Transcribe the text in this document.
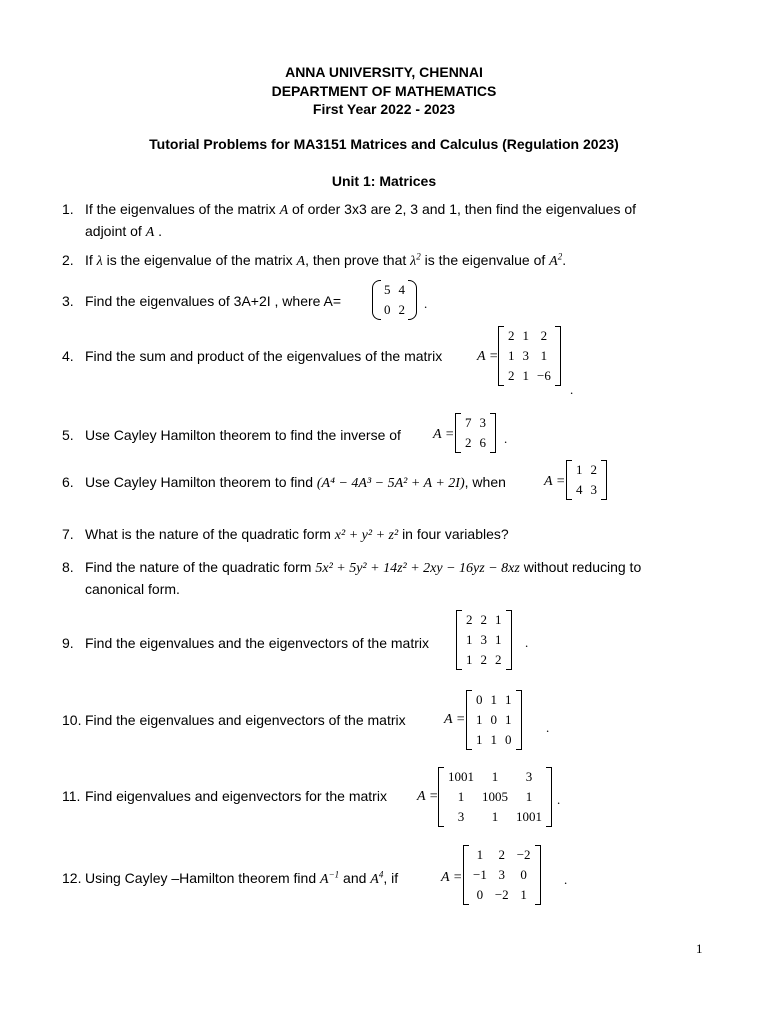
ANNA UNIVERSITY, CHENNAI
DEPARTMENT OF MATHEMATICS
First Year 2022 - 2023
Tutorial Problems for MA3151 Matrices and Calculus (Regulation 2023)
Unit 1: Matrices
1. If the eigenvalues of the matrix A of order 3x3 are 2, 3 and 1, then find the eigenvalues of
adjoint of A .
2. If λ is the eigenvalue of the matrix A, then prove that $\lambda^2$ is the eigenvalue of $A^2$.
3. Find the eigenvalues of 3A+2I , where A=
5	4
0	2 .
4. Find the sum and product of the eigenvalues of the matrix	A =
2	1	2
1	3	1
2	1	−6
.
5. Use Cayley Hamilton theorem to find the inverse of	A =
7	3
2	6 .
6. Use Cayley Hamilton theorem to find (A⁴ − 4A³ − 5A² + A + 2I), when	A =
1	2
4	3
7. What is the nature of the quadratic form x² + y² + z² in four variables?
8. Find the nature of the quadratic form 5x² + 5y² + 14z² + 2xy − 16yz − 8xz without reducing to
canonical form.
9. Find the eigenvalues and the eigenvectors of the matrix
2	2	1
1	3	1
1	2	2
.
10. Find the eigenvalues and eigenvectors of the matrix	A =
0	1	1
1	0	1
1	1	0
.
11. Find eigenvalues and eigenvectors for the matrix	A =
1001	1	3
1	1005	1
3	1	1001
.
12. Using Cayley –Hamilton theorem find $A^{-1}$ and $A^4$, if	A =
1	2	−2
−1	3	0
0	−2	1
.
1
